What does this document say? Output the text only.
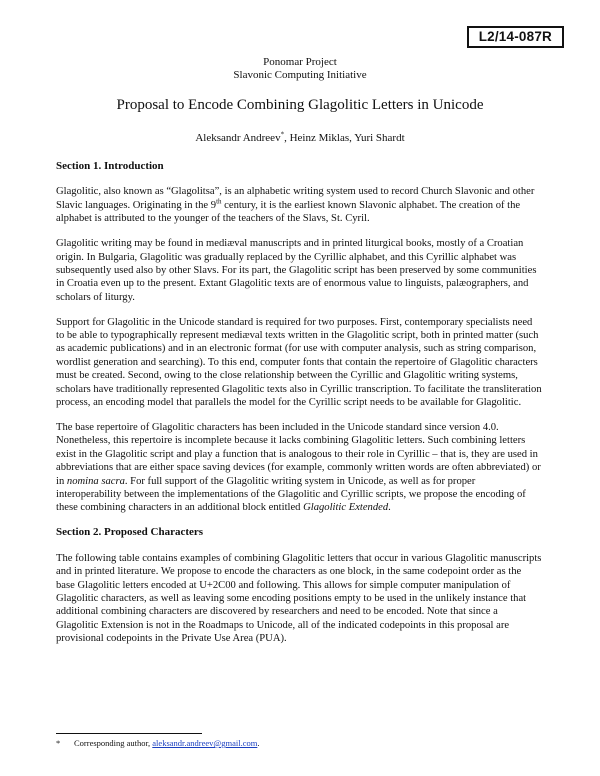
L2/14-087R
Ponomar Project
Slavonic Computing Initiative
Proposal to Encode Combining Glagolitic Letters in Unicode
Aleksandr Andreev*, Heinz Miklas, Yuri Shardt
Section 1. Introduction

Glagolitic, also known as “Glagolitsa”, is an alphabetic writing system used to record Church Slavonic and other Slavic languages. Originating in the 9th century, it is the earliest known Slavonic alphabet. The creation of the alphabet is attributed to the younger of the teachers of the Slavs, St. Cyril.

Glagolitic writing may be found in mediæval manuscripts and in printed liturgical books, mostly of a Croatian origin. In Bulgaria, Glagolitic was gradually replaced by the Cyrillic alphabet, and this Cyrillic alphabet was subsequently used also by other Slavs. For its part, the Glagolitic script has been preserved by some communities in Croatia even up to the present. Extant Glagolitic texts are of enormous value to linguists, palæographers, and scholars of liturgy.

Support for Glagolitic in the Unicode standard is required for two purposes. First, contemporary specialists need to be able to typographically represent mediæval texts written in the Glagolitic script, both in printed matter (such as academic publications) and in an electronic format (for use with computer analysis, such as string comparison, wordlist generation and searching). To this end, computer fonts that contain the repertoire of Glagolitic characters must be created. Second, owing to the close relationship between the Cyrillic and Glagolitic writing systems, scholars have traditionally represented Glagolitic texts also in Cyrillic transcription. To facilitate the transliteration process, an encoding model that parallels the model for the Cyrillic script needs to be available for Glagolitic.

The base repertoire of Glagolitic characters has been included in the Unicode standard since version 4.0. Nonetheless, this repertoire is incomplete because it lacks combining Glagolitic letters. Such combining letters exist in the Glagolitic script and play a function that is analogous to their role in Cyrillic – that is, they are used in abbreviations that are either space saving devices (for example, commonly written words are often abbreviated) or in nomina sacra. For full support of the Glagolitic writing system in Unicode, as well as for proper interoperability between the implementations of the Glagolitic and Cyrillic scripts, we propose the encoding of these combining characters in an additional block entitled Glagolitic Extended.

Section 2. Proposed Characters

The following table contains examples of combining Glagolitic letters that occur in various Glagolitic manuscripts and in printed literature. We propose to encode the characters as one block, in the same codepoint order as the base Glagolitic letters encoded at U+2C00 and following. This allows for simple computer manipulation of Glagolitic characters, as well as leaving some encoding positions empty to be used in the unlikely instance that additional combining characters are discovered by researchers and need to be encoded. Note that since a Glagolitic Extension is not in the Roadmaps to Unicode, all of the indicated codepoints in this proposal are provisional codepoints in the Private Use Area (PUA).

* Corresponding author, aleksandr.andreev@gmail.com.
